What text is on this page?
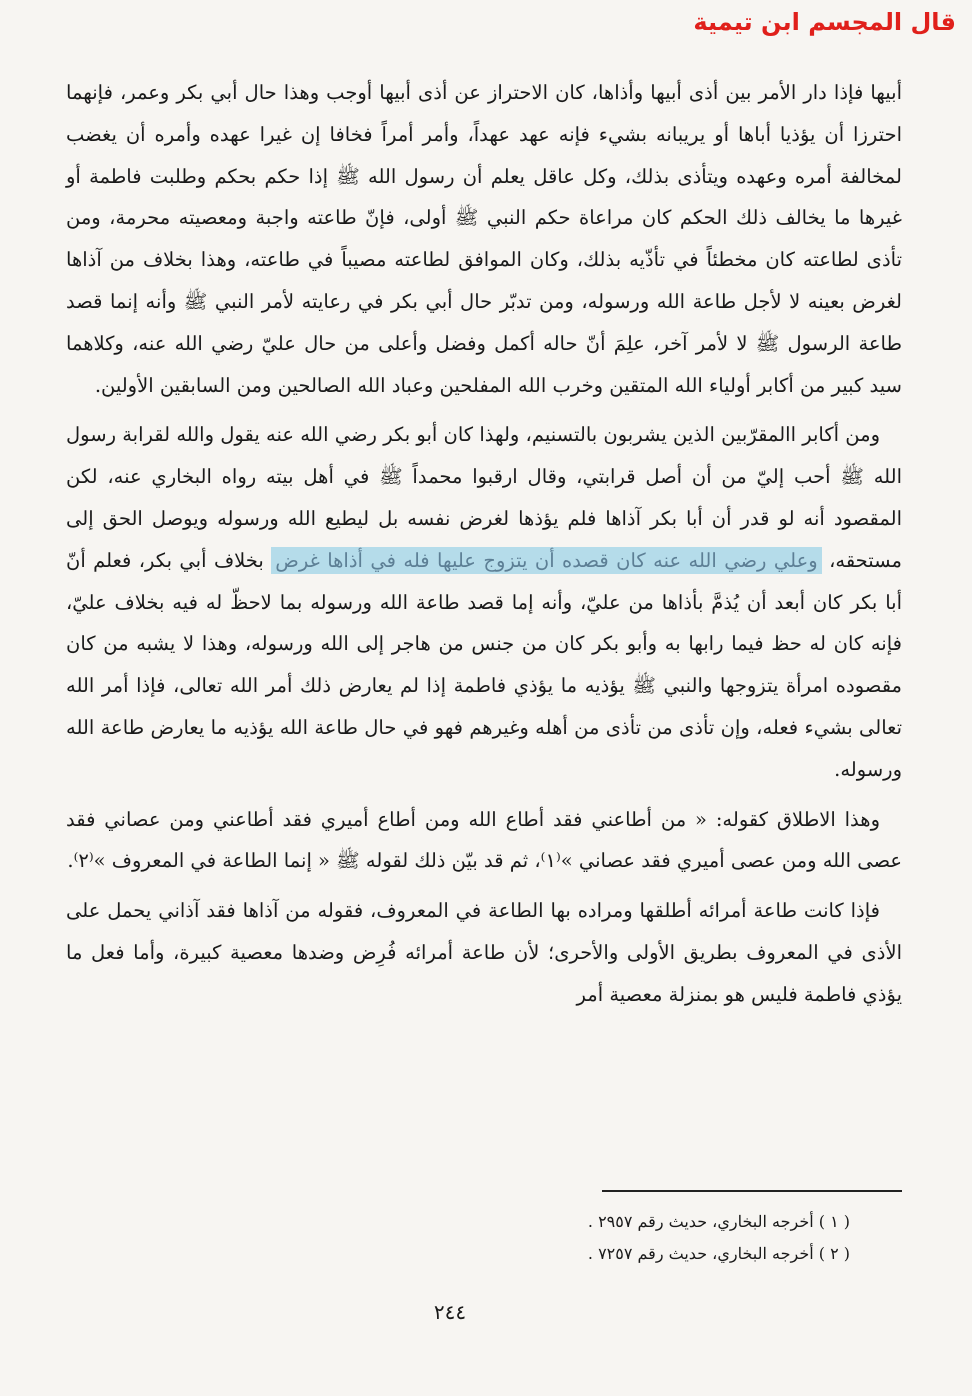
قال المجسم ابن تيمية

أبيها فإذا دار الأمر بين أذى أبيها وأذاها، كان الاحتراز عن أذى أبيها أوجب وهذا حال أبي بكر وعمر، فإنهما احترزا أن يؤذيا أباها أو يريبانه بشيء فإنه عهد عهداً، وأمر أمراً فخافا إن غيرا عهده وأمره أن يغضب لمخالفة أمره وعهده ويتأذى بذلك، وكل عاقل يعلم أن رسول الله ﷺ إذا حكم بحكم وطلبت فاطمة أو غيرها ما يخالف ذلك الحكم كان مراعاة حكم النبي ﷺ أولى، فإنّ طاعته واجبة ومعصيته محرمة، ومن تأذى لطاعته كان مخطئاً في تأذّيه بذلك، وكان الموافق لطاعته مصيباً في طاعته، وهذا بخلاف من آذاها لغرض بعينه لا لأجل طاعة الله ورسوله، ومن تدبّر حال أبي بكر في رعايته لأمر النبي ﷺ وأنه إنما قصد طاعة الرسول ﷺ لا لأمر آخر، علِمَ أنّ حاله أكمل وفضل وأعلى من حال عليّ رضي الله عنه، وكلاهما سيد كبير من أكابر أولياء الله المتقين وخرب الله المفلحين وعباد الله الصالحين ومن السابقين الأولين.

ومن أكابر االمقرّبين الذين يشربون بالتسنيم، ولهذا كان أبو بكر رضي الله عنه يقول والله لقرابة رسول الله ﷺ أحب إليّ من أن أصل قرابتي، وقال ارقبوا محمداً ﷺ في أهل بيته رواه البخاري عنه، لكن المقصود أنه لو قدر أن أبا بكر آذاها فلم يؤذها لغرض نفسه بل ليطيع الله ورسوله ويوصل الحق إلى مستحقه، وعلي رضي الله عنه كان قصده أن يتزوج عليها فله في أذاها غرض بخلاف أبي بكر، فعلم أنّ أبا بكر كان أبعد أن يُذمَّ بأذاها من عليّ، وأنه إما قصد طاعة الله ورسوله بما لاحظّ له فيه بخلاف عليّ، فإنه كان له حظ فيما رابها به وأبو بكر كان من جنس من هاجر إلى الله ورسوله، وهذا لا يشبه من كان مقصوده امرأة يتزوجها والنبي ﷺ يؤذيه ما يؤذي فاطمة إذا لم يعارض ذلك أمر الله تعالى، فإذا أمر الله تعالى بشيء فعله، وإن تأذى من تأذى من أهله وغيرهم فهو في حال طاعة الله يؤذيه ما يعارض طاعة الله ورسوله.

وهذا الاطلاق كقوله: « من أطاعني فقد أطاع الله ومن أطاع أميري فقد أطاعني ومن عصاني فقد عصى الله ومن عصى أميري فقد عصاني »⁽١⁾، ثم قد بيّن ذلك لقوله ﷺ « إنما الطاعة في المعروف »⁽٢⁾.

فإذا كانت طاعة أمرائه أطلقها ومراده بها الطاعة في المعروف، فقوله من آذاها فقد آذاني يحمل على الأذى في المعروف بطريق الأولى والأحرى؛ لأن طاعة أمرائه فُرِض وضدها معصية كبيرة، وأما فعل ما يؤذي فاطمة فليس هو بمنزلة معصية أمر

( ١ ) أخرجه البخاري، حديث رقم ٢٩٥٧ .
( ٢ ) أخرجه البخاري، حديث رقم ٧٢٥٧ .
٢٤٤
